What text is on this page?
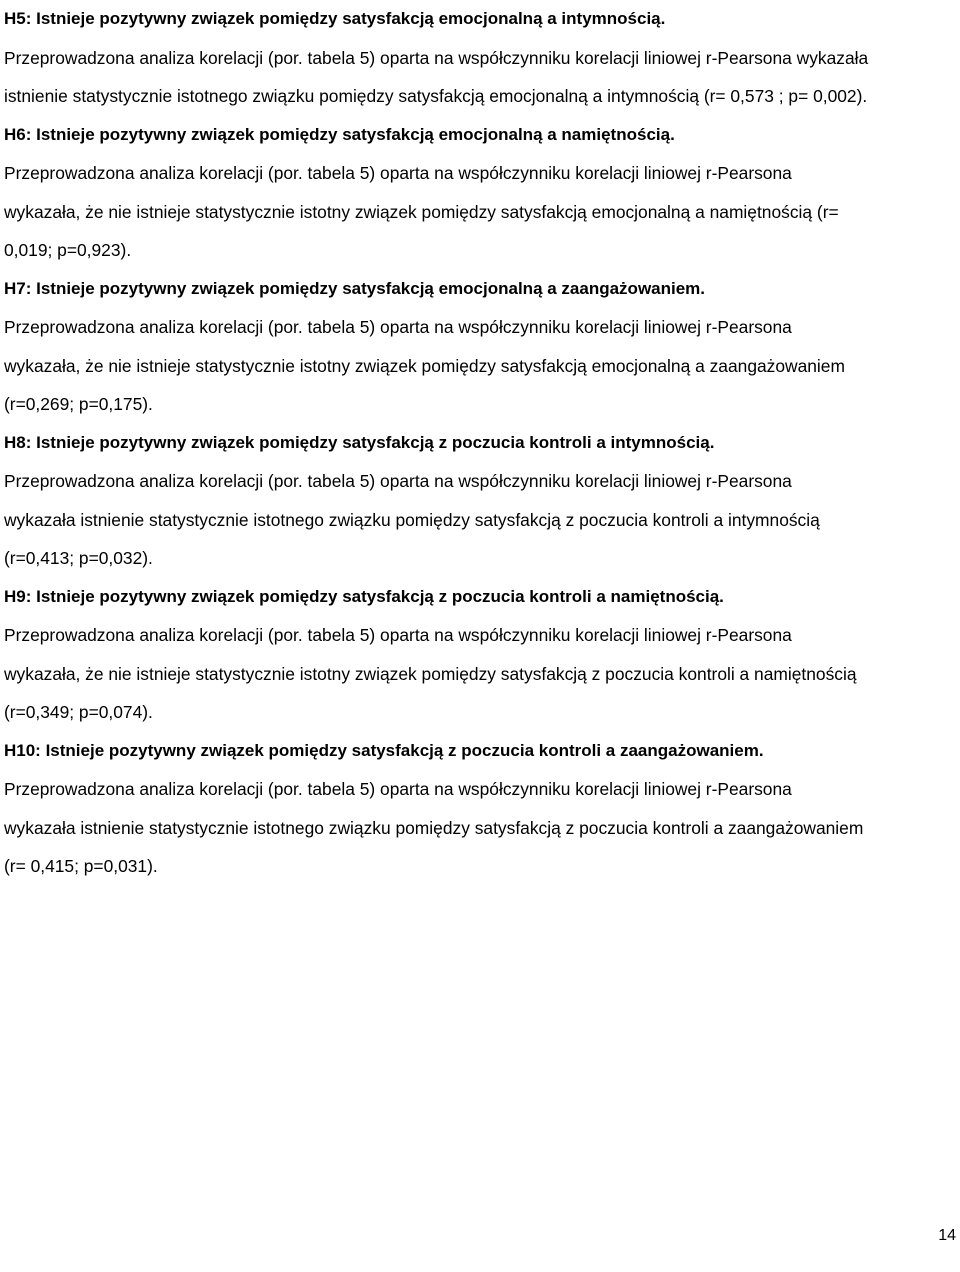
H5: Istnieje pozytywny związek pomiędzy satysfakcją emocjonalną a intymnością.

Przeprowadzona analiza korelacji (por. tabela 5) oparta na współczynniku korelacji liniowej r-Pearsona wykazała
istnienie statystycznie istotnego związku pomiędzy satysfakcją emocjonalną a intymnością (r= 0,573 ; p= 0,002).

H6: Istnieje pozytywny związek pomiędzy satysfakcją emocjonalną a namiętnością.

Przeprowadzona analiza korelacji (por. tabela 5) oparta na współczynniku korelacji liniowej r-Pearsona
wykazała, że nie istnieje statystycznie istotny związek pomiędzy satysfakcją emocjonalną a namiętnością (r=
0,019; p=0,923).

H7: Istnieje pozytywny związek pomiędzy satysfakcją emocjonalną a zaangażowaniem.

Przeprowadzona analiza korelacji (por. tabela 5) oparta na współczynniku korelacji liniowej r-Pearsona
wykazała, że nie istnieje statystycznie istotny związek pomiędzy satysfakcją emocjonalną a zaangażowaniem
(r=0,269; p=0,175).

H8: Istnieje pozytywny związek pomiędzy satysfakcją z poczucia kontroli a intymnością.

Przeprowadzona analiza korelacji (por. tabela 5) oparta na współczynniku korelacji liniowej r-Pearsona
wykazała istnienie statystycznie istotnego związku pomiędzy satysfakcją z poczucia kontroli a intymnością
(r=0,413; p=0,032).

H9: Istnieje pozytywny związek pomiędzy satysfakcją z poczucia kontroli a namiętnością.

Przeprowadzona analiza korelacji (por. tabela 5) oparta na współczynniku korelacji liniowej r-Pearsona
wykazała, że nie istnieje statystycznie istotny związek pomiędzy satysfakcją z poczucia kontroli a namiętnością
(r=0,349; p=0,074).

H10: Istnieje pozytywny związek pomiędzy satysfakcją z poczucia kontroli a zaangażowaniem.

Przeprowadzona analiza korelacji (por. tabela 5) oparta na współczynniku korelacji liniowej r-Pearsona
wykazała istnienie statystycznie istotnego związku pomiędzy satysfakcją z poczucia kontroli a zaangażowaniem
(r= 0,415; p=0,031).

14
